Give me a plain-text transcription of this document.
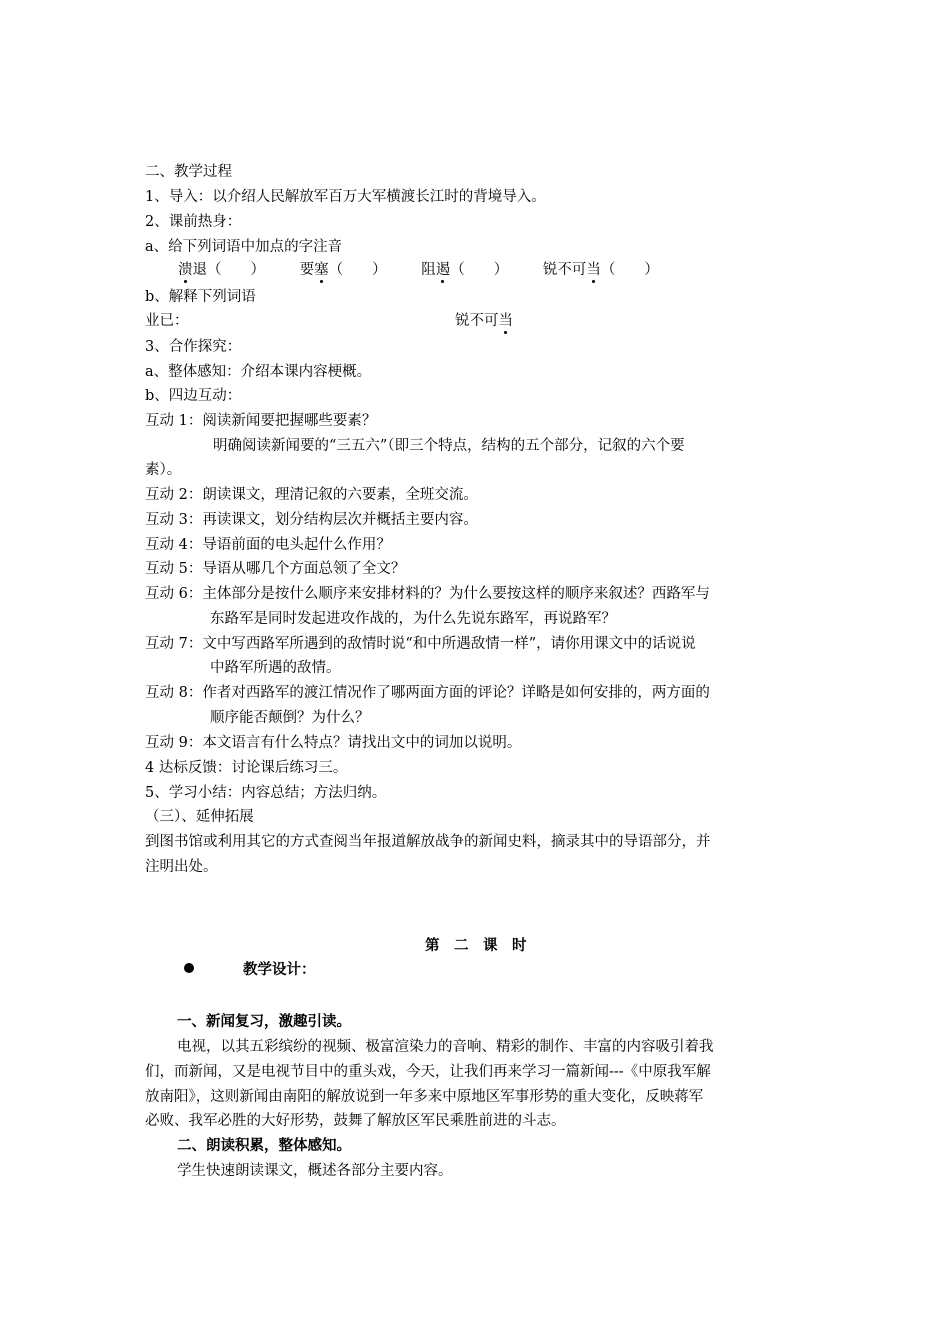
二、教学过程
1、导入：以介绍人民解放军百万大军横渡长江时的背境导入。
2、课前热身：
a、给下列词语中加点的字注音
溃退（　　） 要塞（　　） 阻遏（　　） 锐不可当（　　）
b、解释下列词语
业已：	锐不可当
3、合作探究：
a、整体感知：介绍本课内容梗概。
b、四边互动：
互动 1：阅读新闻要把握哪些要素？
明确阅读新闻要的“三五六”（即三个特点，结构的五个部分，记叙的六个要
素）。
互动 2：朗读课文，理清记叙的六要素，全班交流。
互动 3：再读课文，划分结构层次并概括主要内容。
互动 4：导语前面的电头起什么作用？
互动 5：导语从哪几个方面总领了全文？
互动 6：主体部分是按什么顺序来安排材料的？为什么要按这样的顺序来叙述？西路军与
东路军是同时发起进攻作战的，为什么先说东路军，再说路军？
互动 7：文中写西路军所遇到的敌情时说“和中所遇敌情一样”，请你用课文中的话说说
中路军所遇的敌情。
互动 8：作者对西路军的渡江情况作了哪两面方面的评论？详略是如何安排的，两方面的
顺序能否颠倒？为什么？
互动 9：本文语言有什么特点？请找出文中的词加以说明。
4 达标反馈：讨论课后练习三。
5、学习小结：内容总结；方法归纳。
（三）、延伸拓展
到图书馆或利用其它的方式查阅当年报道解放战争的新闻史料，摘录其中的导语部分，并
注明出处。
第　二　课　时
教学设计：
一、新闻复习，激趣引读。
电视，以其五彩缤纷的视频、极富渲染力的音响、精彩的制作、丰富的内容吸引着我
们，而新闻，又是电视节目中的重头戏，今天，让我们再来学习一篇新闻---《中原我军解
放南阳》，这则新闻由南阳的解放说到一年多来中原地区军事形势的重大变化，反映蒋军
必败、我军必胜的大好形势，鼓舞了解放区军民乘胜前进的斗志。
二、朗读积累，整体感知。
学生快速朗读课文，概述各部分主要内容。
